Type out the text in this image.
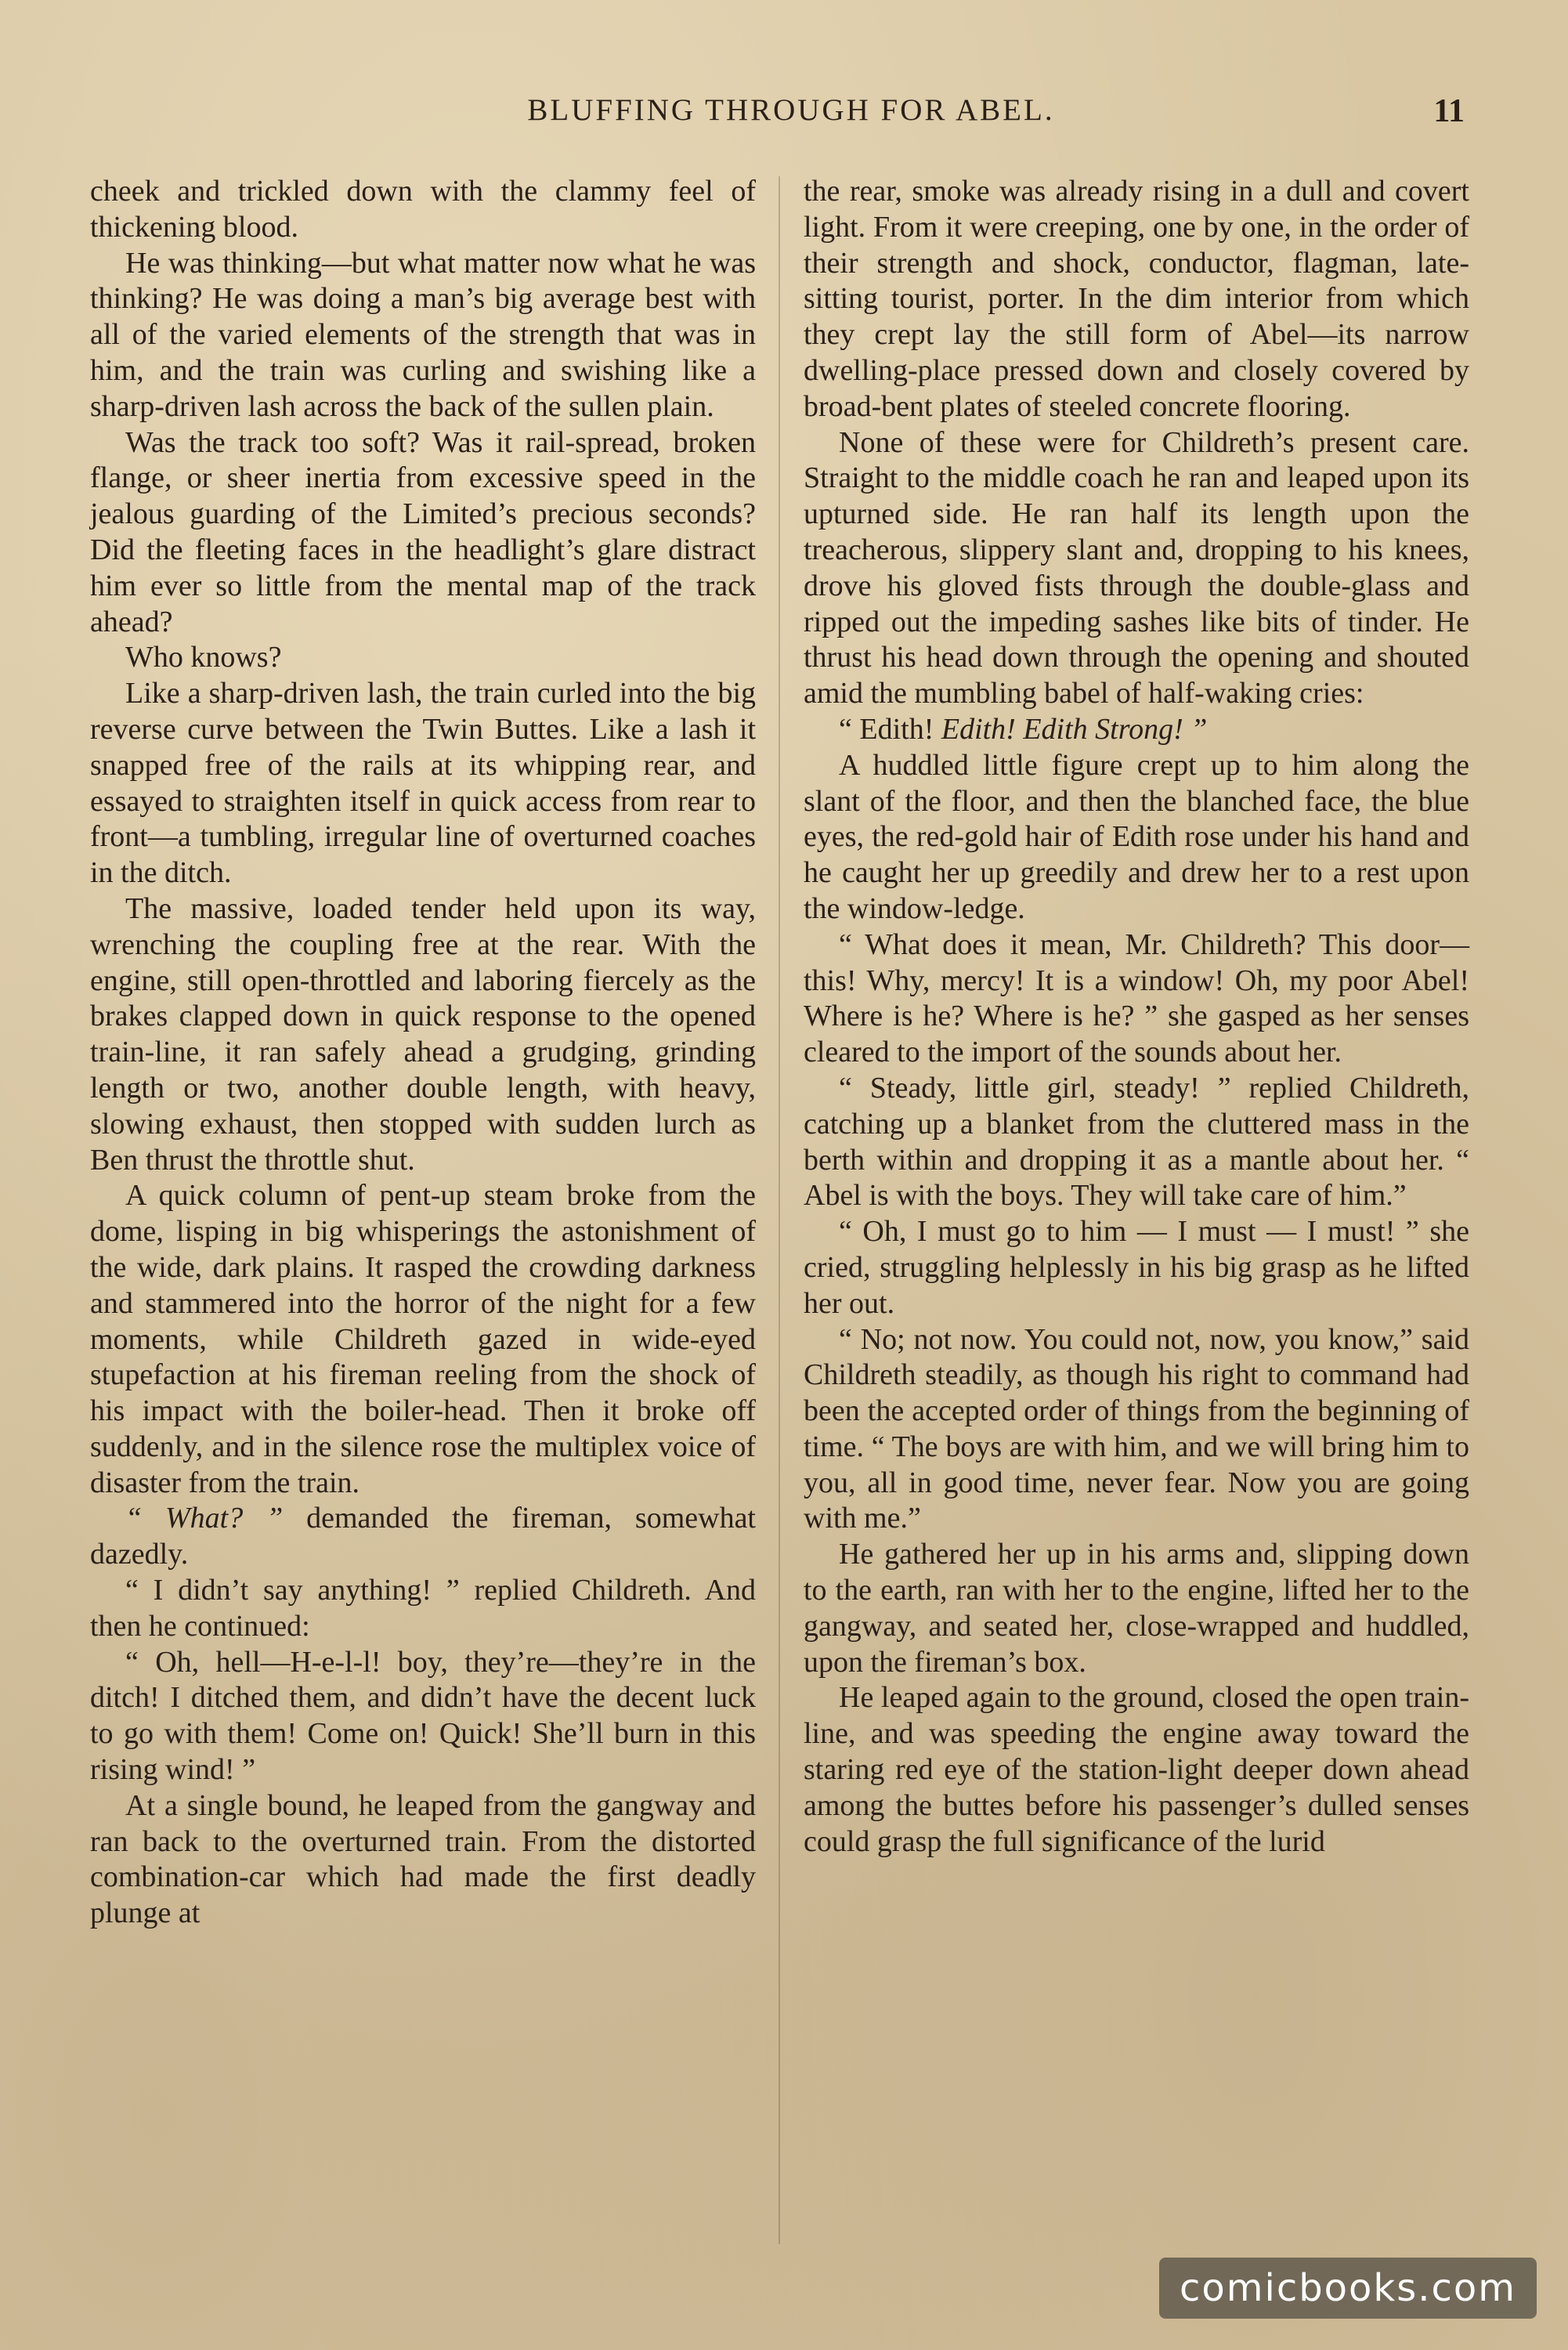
BLUFFING THROUGH FOR ABEL.	11

cheek and trickled down with the clammy feel of thickening blood.

He was thinking—but what matter now what he was thinking? He was doing a man’s big average best with all of the varied elements of the strength that was in him, and the train was curling and swishing like a sharp-driven lash across the back of the sullen plain.

Was the track too soft? Was it rail-spread, broken flange, or sheer inertia from excessive speed in the jealous guarding of the Limited’s precious seconds? Did the fleeting faces in the headlight’s glare distract him ever so little from the mental map of the track ahead?

Who knows?

Like a sharp-driven lash, the train curled into the big reverse curve between the Twin Buttes. Like a lash it snapped free of the rails at its whipping rear, and essayed to straighten itself in quick access from rear to front—a tumbling, irregular line of overturned coaches in the ditch.

The massive, loaded tender held upon its way, wrenching the coupling free at the rear. With the engine, still open-throttled and laboring fiercely as the brakes clapped down in quick response to the opened train-line, it ran safely ahead a grudging, grinding length or two, another double length, with heavy, slowing exhaust, then stopped with sudden lurch as Ben thrust the throttle shut.

A quick column of pent-up steam broke from the dome, lisping in big whisperings the astonishment of the wide, dark plains. It rasped the crowding darkness and stammered into the horror of the night for a few moments, while Childreth gazed in wide-eyed stupefaction at his fireman reeling from the shock of his impact with the boiler-head. Then it broke off suddenly, and in the silence rose the multiplex voice of disaster from the train.

“ What? ” demanded the fireman, somewhat dazedly.

“ I didn’t say anything! ” replied Childreth. And then he continued:

“ Oh, hell—H-e-l-l! boy, they’re—they’re in the ditch! I ditched them, and didn’t have the decent luck to go with them! Come on! Quick! She’ll burn in this rising wind! ”

At a single bound, he leaped from the gangway and ran back to the overturned train. From the distorted combination-car which had made the first deadly plunge at

the rear, smoke was already rising in a dull and covert light. From it were creeping, one by one, in the order of their strength and shock, conductor, flagman, late-sitting tourist, porter. In the dim interior from which they crept lay the still form of Abel—its narrow dwelling-place pressed down and closely covered by broad-bent plates of steeled concrete flooring.

None of these were for Childreth’s present care. Straight to the middle coach he ran and leaped upon its upturned side. He ran half its length upon the treacherous, slippery slant and, dropping to his knees, drove his gloved fists through the double-glass and ripped out the impeding sashes like bits of tinder. He thrust his head down through the opening and shouted amid the mumbling babel of half-waking cries:

“ Edith! Edith! Edith Strong! ”

A huddled little figure crept up to him along the slant of the floor, and then the blanched face, the blue eyes, the red-gold hair of Edith rose under his hand and he caught her up greedily and drew her to a rest upon the window-ledge.

“ What does it mean, Mr. Childreth? This door—this! Why, mercy! It is a window! Oh, my poor Abel! Where is he? Where is he? ” she gasped as her senses cleared to the import of the sounds about her.

“ Steady, little girl, steady! ” replied Childreth, catching up a blanket from the cluttered mass in the berth within and dropping it as a mantle about her. “ Abel is with the boys. They will take care of him.”

“ Oh, I must go to him — I must — I must! ” she cried, struggling helplessly in his big grasp as he lifted her out.

“ No; not now. You could not, now, you know,” said Childreth steadily, as though his right to command had been the accepted order of things from the beginning of time. “ The boys are with him, and we will bring him to you, all in good time, never fear. Now you are going with me.”

He gathered her up in his arms and, slipping down to the earth, ran with her to the engine, lifted her to the gangway, and seated her, close-wrapped and huddled, upon the fireman’s box.

He leaped again to the ground, closed the open train-line, and was speeding the engine away toward the staring red eye of the station-light deeper down ahead among the buttes before his passenger’s dulled senses could grasp the full significance of the lurid

comicbooks.com
